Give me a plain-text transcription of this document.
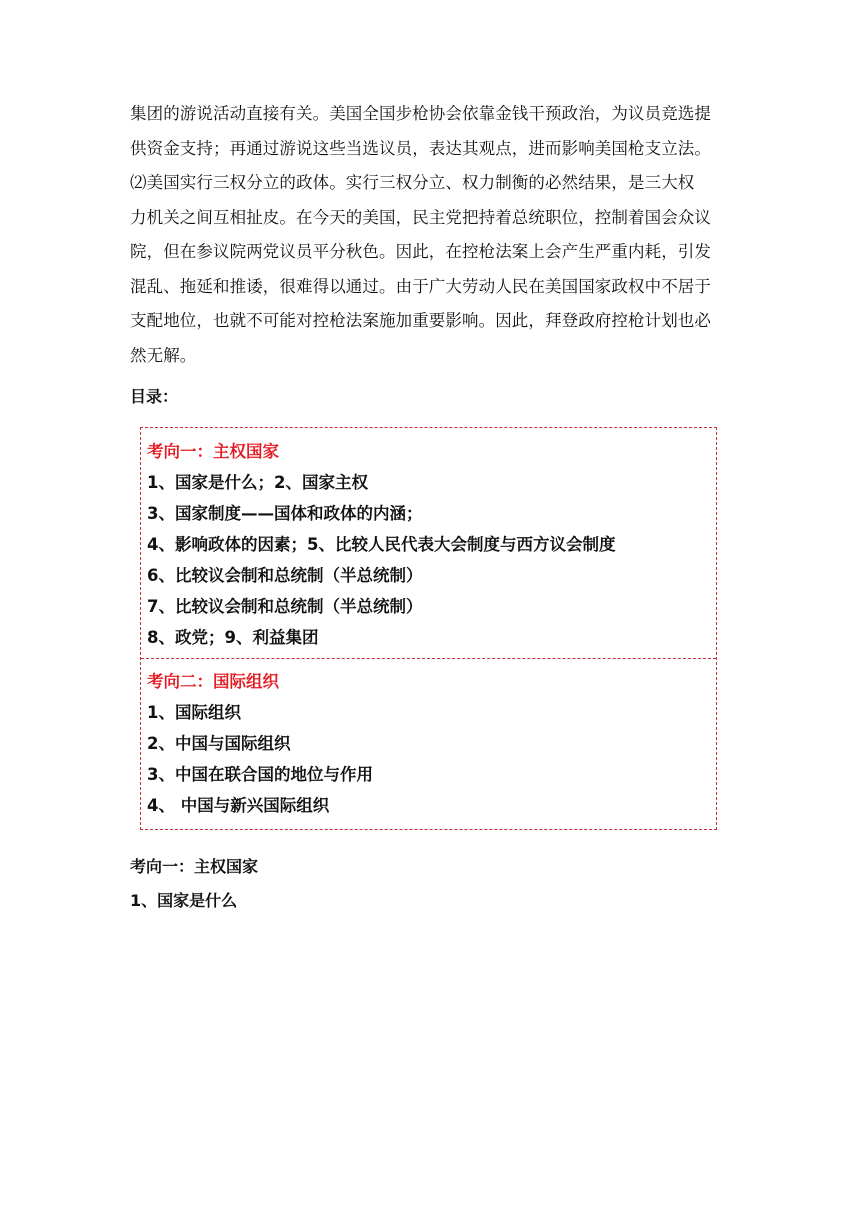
集团的游说活动直接有关。美国全国步枪协会依靠金钱干预政治，为议员竞选提

供资金支持；再通过游说这些当选议员，表达其观点，进而影响美国枪支立法。

⑵美国实行三权分立的政体。实行三权分立、权力制衡的必然结果，是三大权

力机关之间互相扯皮。在今天的美国，民主党把持着总统职位，控制着国会众议

院，但在参议院两党议员平分秋色。因此，在控枪法案上会产生严重内耗，引发

混乱、拖延和推诿，很难得以通过。由于广大劳动人民在美国国家政权中不居于

支配地位，也就不可能对控枪法案施加重要影响。因此，拜登政府控枪计划也必

然无解。

目录：
考向一：主权国家
1、国家是什么；2、国家主权
3、国家制度——国体和政体的内涵；
4、影响政体的因素；5、比较人民代表大会制度与西方议会制度
6、比较议会制和总统制（半总统制）
7、比较议会制和总统制（半总统制）
8、政党；9、利益集团
考向二：国际组织
1、国际组织
2、中国与国际组织
3、中国在联合国的地位与作用
4、 中国与新兴国际组织
考向一：主权国家
1、国家是什么
